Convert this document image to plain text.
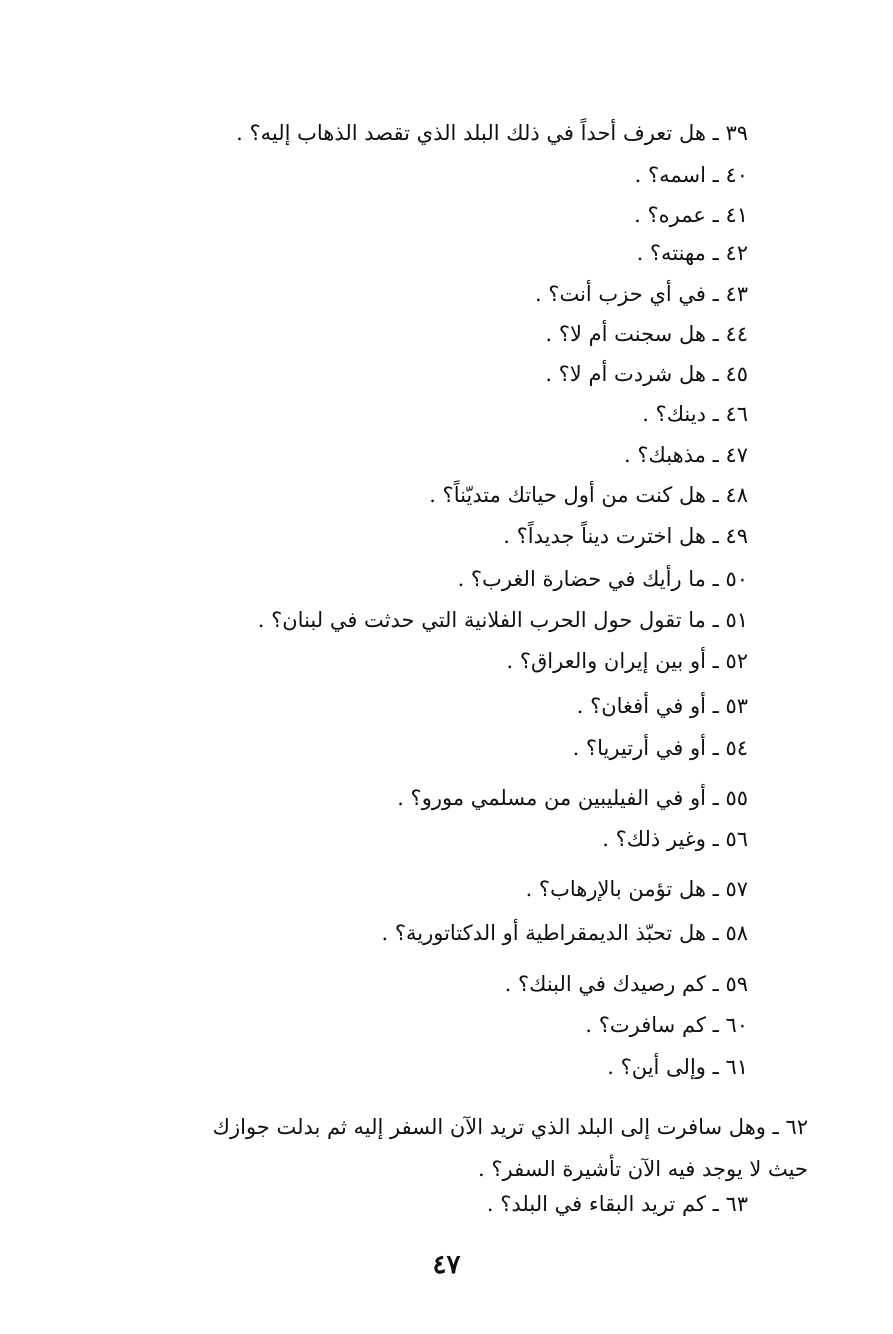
٣٩ ـ هل تعرف أحداً في ذلك البلد الذي تقصد الذهاب إليه؟ .
٤٠ ـ اسمه؟ .
٤١ ـ عمره؟ .
٤٢ ـ مهنته؟ .
٤٣ ـ في أي حزب أنت؟ .
٤٤ ـ هل سجنت أم لا؟ .
٤٥ ـ هل شردت أم لا؟ .
٤٦ ـ دينك؟ .
٤٧ ـ مذهبك؟ .
٤٨ ـ هل كنت من أول حياتك متديّناً؟ .
٤٩ ـ هل اخترت ديناً جديداً؟ .
٥٠ ـ ما رأيك في حضارة الغرب؟ .
٥١ ـ ما تقول حول الحرب الفلانية التي حدثت في لبنان؟ .
٥٢ ـ أو بين إيران والعراق؟ .
٥٣ ـ أو في أفغان؟ .
٥٤ ـ أو في أرتيريا؟ .
٥٥ ـ أو في الفيليبين من مسلمي مورو؟ .
٥٦ ـ وغير ذلك؟ .
٥٧ ـ هل تؤمن بالإرهاب؟ .
٥٨ ـ هل تحبّذ الديمقراطية أو الدكتاتورية؟ .
٥٩ ـ كم رصيدك في البنك؟ .
٦٠ ـ كم سافرت؟ .
٦١ ـ وإلى أين؟ .
٦٢ ـ وهل سافرت إلى البلد الذي تريد الآن السفر إليه ثم بدلت جوازك
حيث لا يوجد فيه الآن تأشيرة السفر؟ .
٦٣ ـ كم تريد البقاء في البلد؟ .
٤٧
